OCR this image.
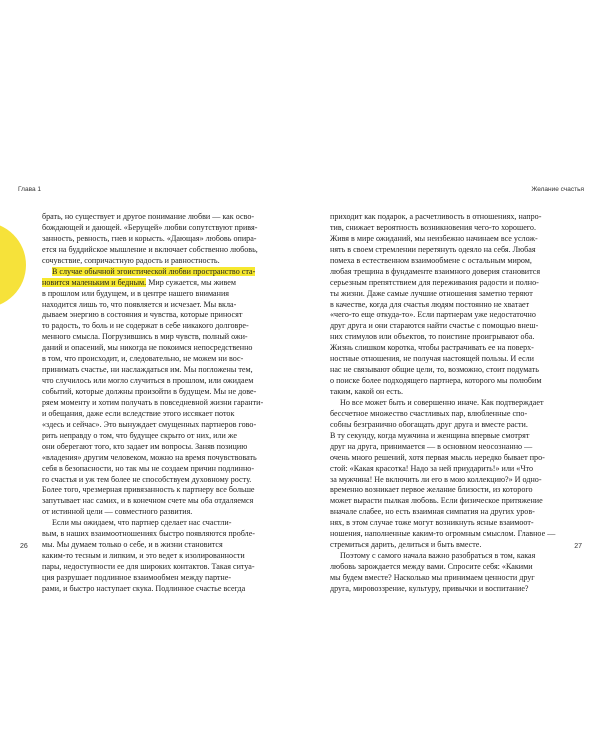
Глава 1	Желание счастья
брать, но существует и другое понимание любви — как осво-
бождающей и дающей. «Берущей» любви сопутствуют привя-
занность, ревность, гнев и корысть. «Дающая» любовь опира-
ется на буддийское мышление и включает собственно любовь,
сочувствие, сопричастную радость и равностность.
В случае обычной эгоистической любви пространство ста-
новится маленьким и бедным. Мир сужается, мы живем
в прошлом или будущем, и в центре нашего внимания
находится лишь то, что появляется и исчезает. Мы вкла-
дываем энергию в состояния и чувства, которые приносят
то радость, то боль и не содержат в себе никакого долговре-
менного смысла. Погрузившись в мир чувств, полный ожи-
даний и опасений, мы никогда не покоимся непосредственно
в том, что происходит, и, следовательно, не можем ни вос-
принимать счастье, ни наслаждаться им. Мы погложены тем,
что случилось или могло случиться в прошлом, или ожидаем
событий, которые должны произойти в будущем. Мы не дове-
ряем моменту и хотим получать в повседневной жизни гаранти-
и обещания, даже если вследствие этого иссякает поток
«здесь и сейчас». Это вынуждает смущенных партнеров гово-
рить неправду о том, что будущее скрыто от них, или же
они оберегают того, кто задает им вопросы. Заняв позицию
«владения» другим человеком, можно на время почувствовать
себя в безопасности, но так мы не создаем причин подлинно-
го счастья и уж тем более не способствуем духовному росту.
Более того, чрезмерная привязанность к партнеру все больше
запутывает нас самих, и в конечном счете мы оба отдаляемся
от истинной цели — совместного развития.
Если мы ожидаем, что партнер сделает нас счастли-
вым, в наших взаимоотношениях быстро появляются пробле-
мы. Мы думаем только о себе, и в жизни становится
каким-то тесным и липким, и это ведет к изолированности
пары, недоступности ее для широких контактов. Такая ситуа-
ция разрушает подлинное взаимообмен между партне-
рами, и быстро наступает скука. Подлинное счастье всегда
приходит как подарок, а расчетливость в отношениях, напро-
тив, снижает вероятность возникновения чего-то хорошего.
Живя в мире ожиданий, мы неизбежно начинаем все услож-
нять в своем стремлении перетянуть одеяло на себя. Любая
помеха в естественном взаимообмене с остальным миром,
любая трещина в фундаменте взаимного доверия становится
серьезным препятствием для переживания радости и полно-
ты жизни. Даже самые лучшие отношения заметно теряют
в качестве, когда для счастья людям постоянно не хватает
«чего-то еще откуда-то». Если партнерам уже недостаточно
друг друга и они стараются найти счастье с помощью внеш-
них стимулов или объектов, то поистине проигрывают оба.
Жизнь слишком коротка, чтобы растрачивать ее на поверх-
ностные отношения, не получая настоящей пользы. И если
нас не связывают общие цели, то, возможно, стоит подумать
о поиске более подходящего партнера, которого мы полюбим
таким, какой он есть.
Но все может быть и совершенно иначе. Как подтверждает
бессчетное множество счастливых пар, влюбленные спо-
собны безгранично обогащать друг друга и вместе расти.
В ту секунду, когда мужчина и женщина впервые смотрят
друг на друга, принимается — в основном неосознанно —
очень много решений, хотя первая мысль нередко бывает про-
стой: «Какая красотка! Надо за ней приударить!» или «Что
за мужчина! Не включить ли его в мою коллекцию?» И одно-
временно возникает первое желание близости, из которого
может вырасти пылкая любовь. Если физическое притяжение
вначале слабее, но есть взаимная симпатия на других уров-
нях, в этом случае тоже могут возникнуть ясные взаимоот-
ношения, наполненные каким-то огромным смыслом. Главное —
стремиться дарить, делиться и быть вместе.
Поэтому с самого начала важно разобраться в том, какая
любовь зарождается между вами. Спросите себя: «Какими
мы будем вместе? Насколько мы принимаем ценности друг
друга, мировоззрение, культуру, привычки и воспитание?
26	27
